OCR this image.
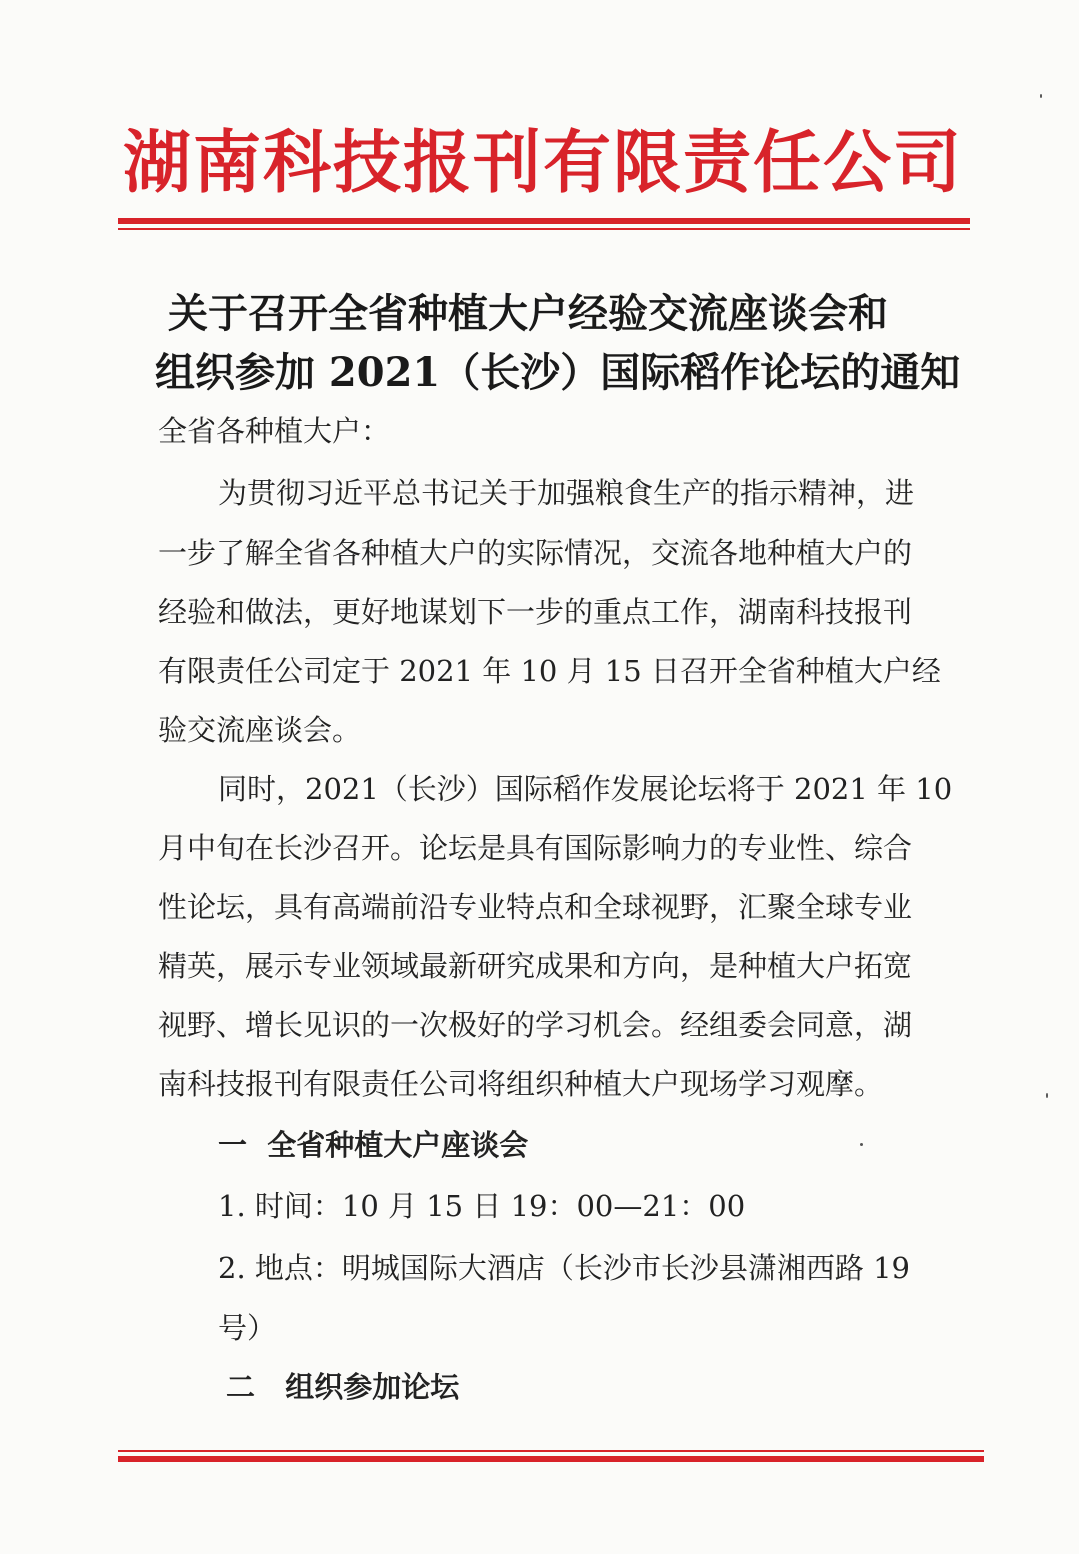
湖南科技报刊有限责任公司
关于召开全省种植大户经验交流座谈会和
组织参加 2021（长沙）国际稻作论坛的通知
全省各种植大户：
为贯彻习近平总书记关于加强粮食生产的指示精神，进
一步了解全省各种植大户的实际情况，交流各地种植大户的
经验和做法，更好地谋划下一步的重点工作，湖南科技报刊
有限责任公司定于 2021 年 10 月 15 日召开全省种植大户经
验交流座谈会。
同时，2021（长沙）国际稻作发展论坛将于 2021 年 10
月中旬在长沙召开。论坛是具有国际影响力的专业性、综合
性论坛，具有高端前沿专业特点和全球视野，汇聚全球专业
精英，展示专业领域最新研究成果和方向，是种植大户拓宽
视野、增长见识的一次极好的学习机会。经组委会同意，湖
南科技报刊有限责任公司将组织种植大户现场学习观摩。
一  全省种植大户座谈会
1. 时间：10 月 15 日 19：00—21：00
2. 地点：明城国际大酒店（长沙市长沙县潇湘西路 19
号）
二   组织参加论坛
